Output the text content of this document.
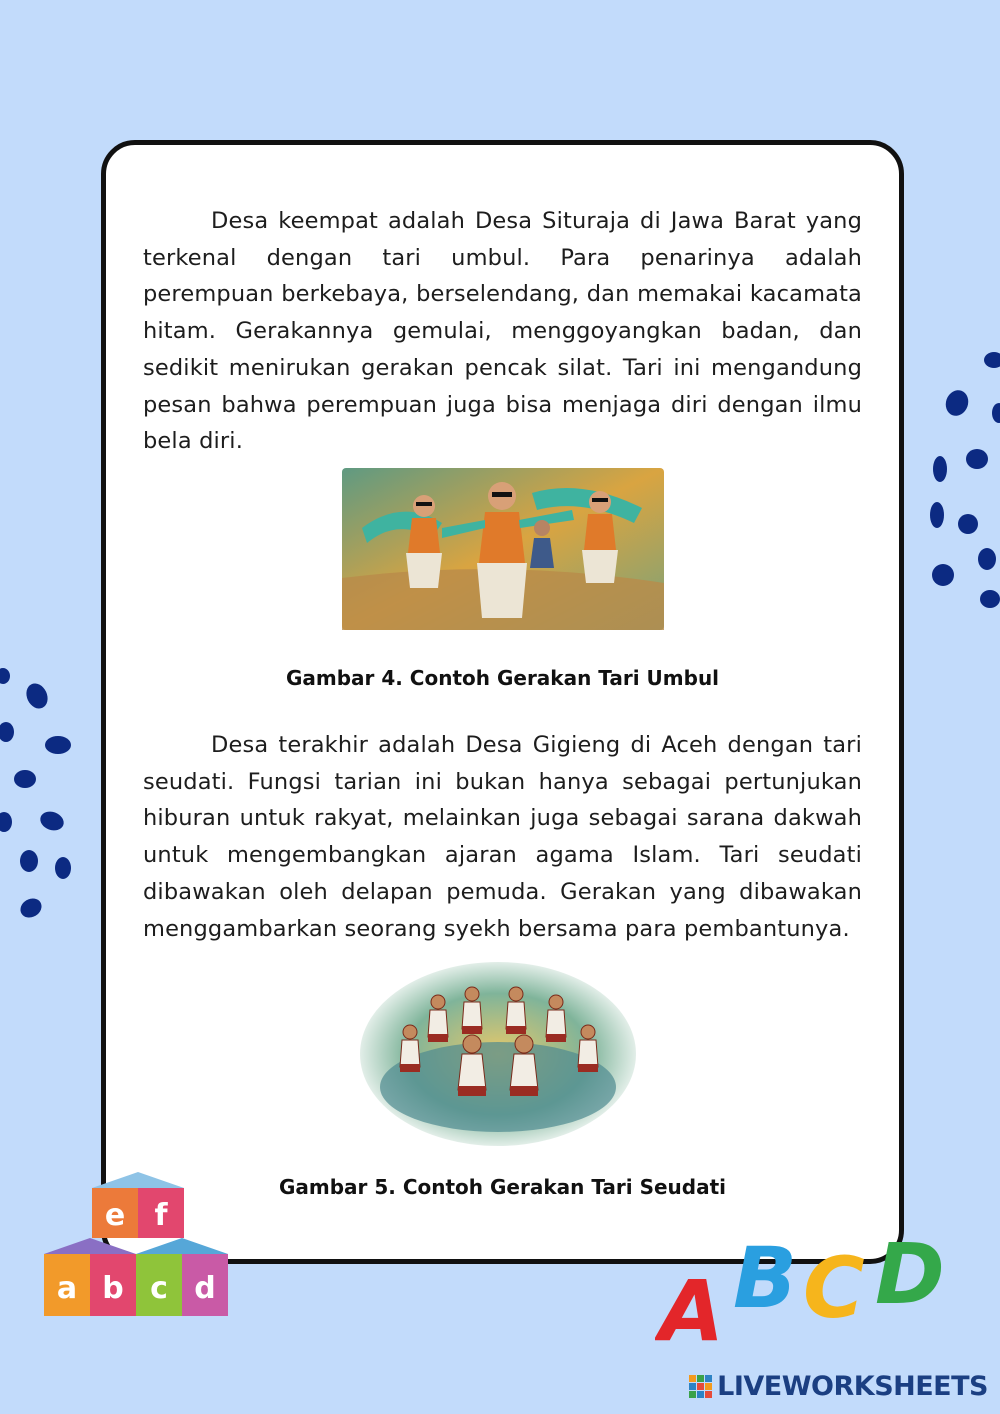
Desa keempat adalah Desa Situraja di Jawa Barat yang terkenal dengan tari umbul. Para penarinya adalah perempuan berkebaya, berselendang, dan memakai kacamata hitam. Gerakannya gemulai, menggoyangkan badan, dan sedikit menirukan gerakan pencak silat. Tari ini mengandung pesan bahwa perempuan juga bisa menjaga diri dengan ilmu bela diri.

Gambar 4. Contoh Gerakan Tari Umbul

Desa terakhir adalah Desa Gigieng di Aceh dengan tari seudati. Fungsi tarian ini bukan hanya sebagai pertunjukan hiburan untuk rakyat, melainkan juga sebagai sarana dakwah untuk mengembangkan ajaran agama Islam. Tari seudati dibawakan oleh delapan pemuda. Gerakan yang dibawakan menggambarkan seorang syekh bersama para pembantunya.

Gambar 5. Contoh Gerakan Tari Seudati
e f
a b c d	A B C D
LIVEWORKSHEETS
